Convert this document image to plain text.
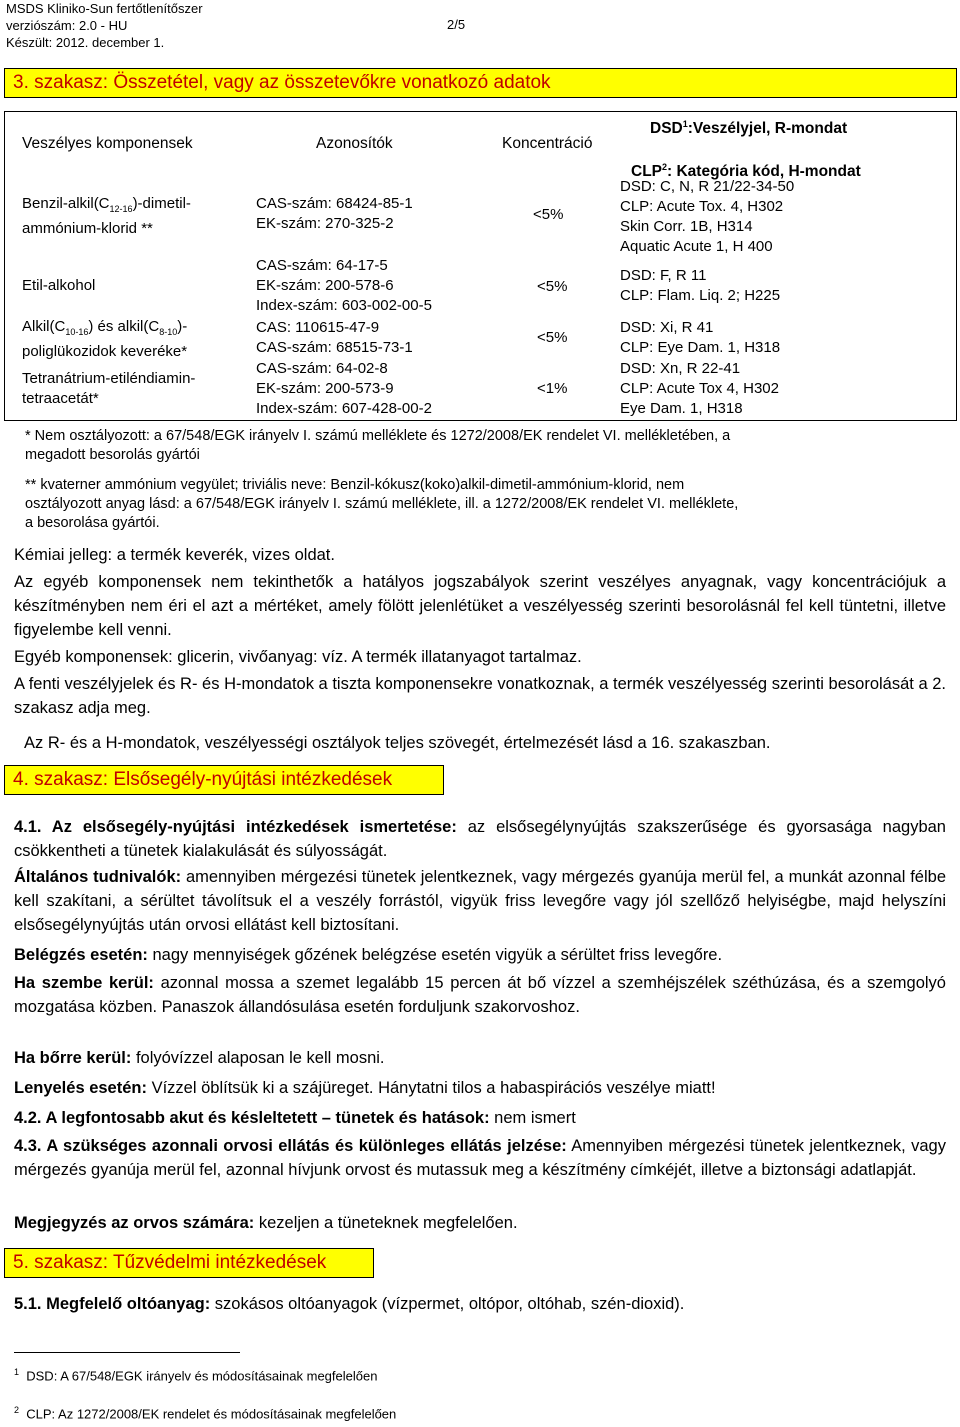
MSDS Kliniko-Sun fertőtlenítőszer
verziószám: 2.0 - HU
Készült: 2012. december 1.
2/5
3. szakasz: Összetétel, vagy az összetevőkre vonatkozó adatok
Veszélyes komponensek	Azonosítók	Koncentráció
DSD$^1$:Veszélyjel, R-mondat
CLP$^2$: Kategória kód, H-mondat
Benzil-$alkil(C_{12-16})-dimetil-$
ammónium-klorid **
CAS-szám: 68424-85-1
EK-szám: 270-325-2
<5%
DSD: C, N, R 21/22-34-50
CLP: Acute Tox. 4, H302
Skin Corr. 1B, H314
Aquatic Acute 1, H 400
Etil-alkohol
CAS-szám: 64-17-5
EK-szám: 200-578-6
Index-szám: 603-002-00-5
<5%
DSD: F, R 11
CLP: Flam. Liq. 2; H225
$Alkil(C_{10-16})$ és $alkil(C_{8-10})-$
poliglükozidok keveréke*
CAS: 110615-47-9
CAS-szám: 68515-73-1
<5%
DSD: Xi, R 41
CLP: Eye Dam. 1, H318
Tetranátrium-etiléndiamin-
tetraacetát*
CAS-szám: 64-02-8
EK-szám: 200-573-9
Index-szám: 607-428-00-2
<1%
DSD: Xn, R 22-41
CLP: Acute Tox 4, H302
Eye Dam. 1, H318
* Nem osztályozott: a 67/548/EGK irányelv I. számú melléklete és 1272/2008/EK rendelet VI. mellékletében, a
megadott besorolás gyártói
** kvaterner ammónium vegyület; triviális neve: Benzil-kókusz(koko)alkil-dimetil-ammónium-klorid, nem
osztályozott anyag lásd: a 67/548/EGK irányelv I. számú melléklete, ill. a 1272/2008/EK rendelet VI. melléklete,
a besorolása gyártói.
Kémiai jelleg: a termék keverék, vizes oldat.
Az egyéb komponensek nem tekinthetők a hatályos jogszabályok szerint veszélyes anyagnak, vagy koncentrációjuk a készítményben nem éri el azt a mértéket, amely fölött jelenlétüket a veszélyesség szerinti besorolásnál fel kell tüntetni, illetve figyelembe kell venni.
Egyéb komponensek: glicerin, vivőanyag: víz. A termék illatanyagot tartalmaz.
A fenti veszélyjelek és R- és H-mondatok a tiszta komponensekre vonatkoznak, a termék veszélyesség szerinti besorolását a 2. szakasz adja meg.
Az R- és a H-mondatok, veszélyességi osztályok teljes szövegét, értelmezését lásd a 16. szakaszban.
4. szakasz: Elsősegély-nyújtási intézkedések
4.1. Az elsősegély-nyújtási intézkedések ismertetése: az elsősegélynyújtás szakszerűsége és gyorsasága nagyban csökkentheti a tünetek kialakulását és súlyosságát.
Általános tudnivalók: amennyiben mérgezési tünetek jelentkeznek, vagy mérgezés gyanúja merül fel, a munkát azonnal félbe kell szakítani, a sérültet távolítsuk el a veszély forrástól, vigyük friss levegőre vagy jól szellőző helyiségbe, majd helyszíni elsősegélynyújtás után orvosi ellátást kell biztosítani.
Belégzés esetén: nagy mennyiségek gőzének belégzése esetén vigyük a sérültet friss levegőre.
Ha szembe kerül: azonnal mossa a szemet legalább 15 percen át bő vízzel a szemhéjszélek széthúzása, és a szemgolyó mozgatása közben. Panaszok állandósulása esetén forduljunk szakorvoshoz.
Ha bőrre kerül: folyóvízzel alaposan le kell mosni.
Lenyelés esetén: Vízzel öblítsük ki a szájüreget. Hánytatni tilos a habaspirációs veszélye miatt!
4.2. A legfontosabb akut és késleltetett – tünetek és hatások: nem ismert
4.3. A szükséges azonnali orvosi ellátás és különleges ellátás jelzése: Amennyiben mérgezési tünetek jelentkeznek, vagy mérgezés gyanúja merül fel, azonnal hívjunk orvost és mutassuk meg a készítmény címkéjét, illetve a biztonsági adatlapját.
Megjegyzés az orvos számára: kezeljen a tüneteknek megfelelően.
5. szakasz: Tűzvédelmi intézkedések
5.1. Megfelelő oltóanyag: szokásos oltóanyagok (vízpermet, oltópor, oltóhab, szén-dioxid).
$^1$ DSD: A 67/548/EGK irányelv és módosításainak megfelelően
$^2$ CLP: Az 1272/2008/EK rendelet és módosításainak megfelelően
